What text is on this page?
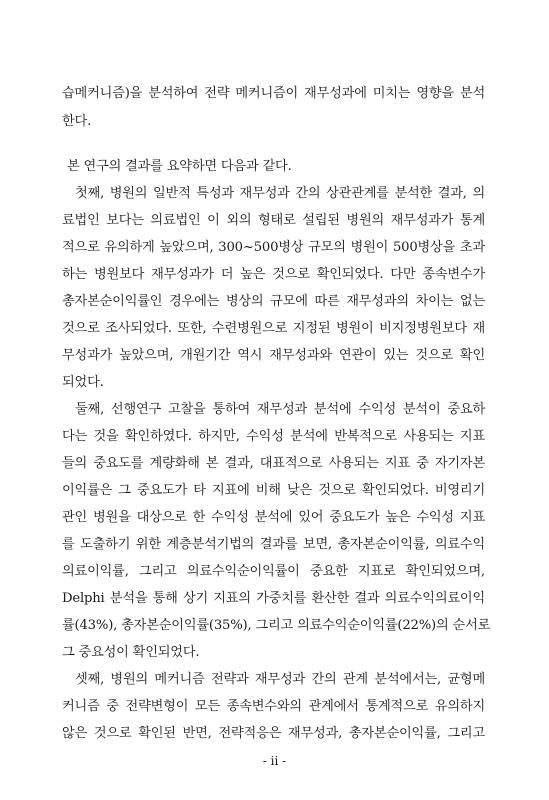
습메커니즘)을 분석하여 전략 메커니즘이 재무성과에 미치는 영향을 분석
한다.
본 연구의 결과를 요약하면 다음과 같다.
첫째, 병원의 일반적 특성과 재무성과 간의 상관관계를 분석한 결과, 의
료법인 보다는 의료법인 이 외의 형태로 설립된 병원의 재무성과가 통계
적으로 유의하게 높았으며, 300~500병상 규모의 병원이 500병상을 초과
하는 병원보다 재무성과가 더 높은 것으로 확인되었다. 다만 종속변수가
총자본순이익률인 경우에는 병상의 규모에 따른 재무성과의 차이는 없는
것으로 조사되었다. 또한, 수련병원으로 지정된 병원이 비지정병원보다 재
무성과가 높았으며, 개원기간 역시 재무성과와 연관이 있는 것으로 확인
되었다.
둘째, 선행연구 고찰을 통하여 재무성과 분석에 수익성 분석이 중요하
다는 것을 확인하였다. 하지만, 수익성 분석에 반복적으로 사용되는 지표
들의 중요도를 계량화해 본 결과, 대표적으로 사용되는 지표 중 자기자본
이익률은 그 중요도가 타 지표에 비해 낮은 것으로 확인되었다. 비영리기
관인 병원을 대상으로 한 수익성 분석에 있어 중요도가 높은 수익성 지표
를 도출하기 위한 계층분석기법의 결과를 보면, 총자본순이익률, 의료수익
의료이익률, 그리고 의료수익순이익률이 중요한 지표로 확인되었으며,
Delphi 분석을 통해 상기 지표의 가중치를 환산한 결과 의료수익의료이익
률(43%), 총자본순이익률(35%), 그리고 의료수익순이익률(22%)의 순서로
그 중요성이 확인되었다.
셋째, 병원의 메커니즘 전략과 재무성과 간의 관계 분석에서는, 균형메
커니즘 중 전략변형이 모든 종속변수와의 관계에서 통계적으로 유의하지
않은 것으로 확인된 반면, 전략적응은 재무성과, 총자본순이익률, 그리고
- ii -
